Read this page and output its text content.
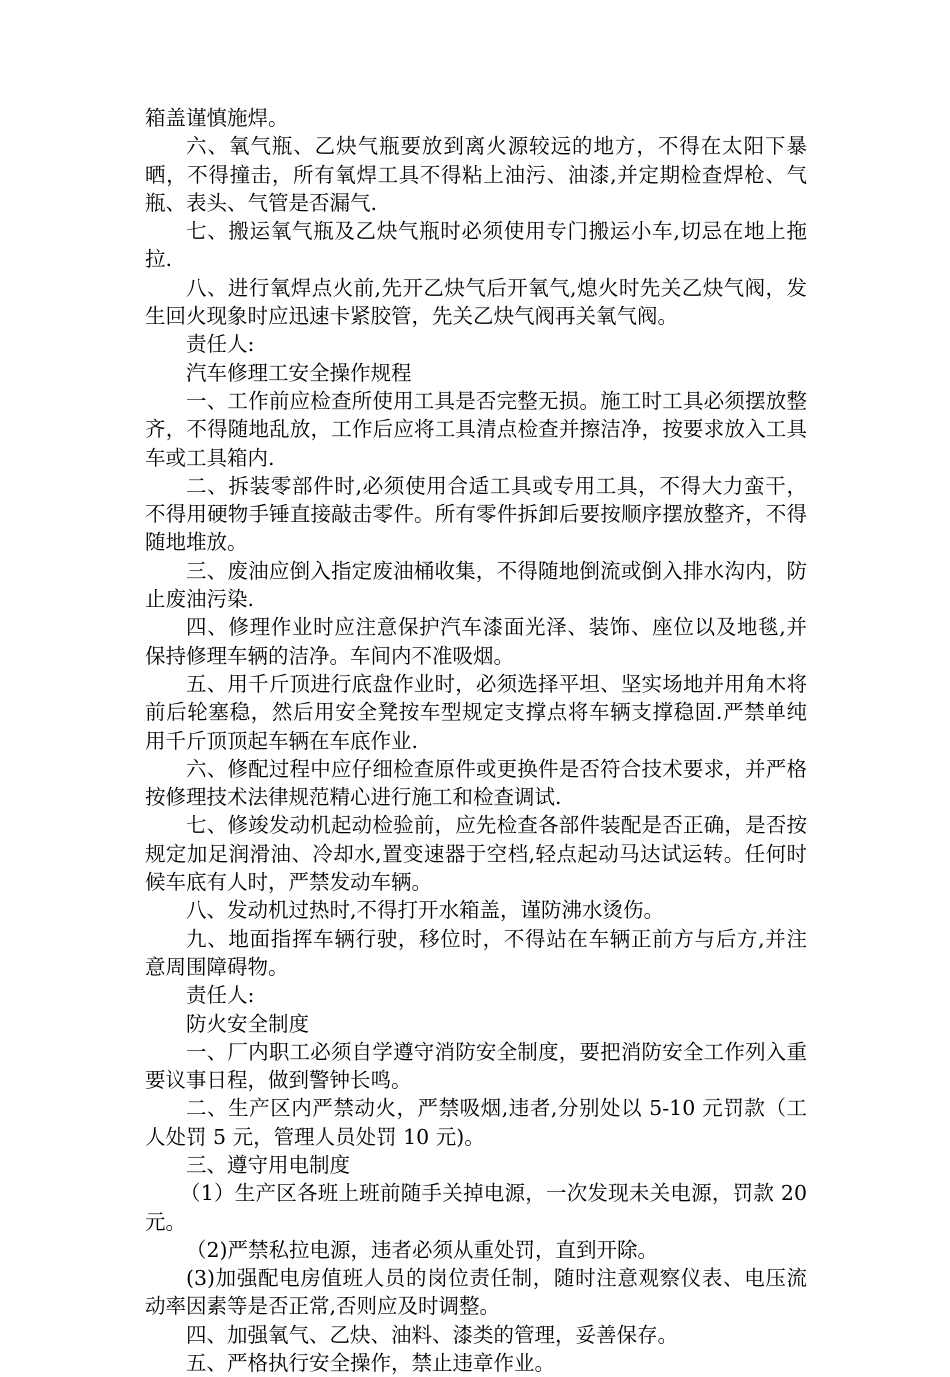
箱盖谨慎施焊。

六、氧气瓶、乙炔气瓶要放到离火源较远的地方，不得在太阳下暴晒，不得撞击，所有氧焊工具不得粘上油污、油漆,并定期检查焊枪、气瓶、表头、气管是否漏气.

七、搬运氧气瓶及乙炔气瓶时必须使用专门搬运小车,切忌在地上拖拉.

八、进行氧焊点火前,先开乙炔气后开氧气,熄火时先关乙炔气阀，发生回火现象时应迅速卡紧胶管，先关乙炔气阀再关氧气阀。

责任人:

汽车修理工安全操作规程

一、工作前应检查所使用工具是否完整无损。施工时工具必须摆放整齐，不得随地乱放，工作后应将工具清点检查并擦洁净，按要求放入工具车或工具箱内.

二、拆装零部件时,必须使用合适工具或专用工具，不得大力蛮干，不得用硬物手锤直接敲击零件。所有零件拆卸后要按顺序摆放整齐，不得随地堆放。

三、废油应倒入指定废油桶收集，不得随地倒流或倒入排水沟内，防止废油污染.

四、修理作业时应注意保护汽车漆面光泽、装饰、座位以及地毯,并保持修理车辆的洁净。车间内不准吸烟。

五、用千斤顶进行底盘作业时，必须选择平坦、坚实场地并用角木将前后轮塞稳，然后用安全凳按车型规定支撑点将车辆支撑稳固.严禁单纯用千斤顶顶起车辆在车底作业.

六、修配过程中应仔细检查原件或更换件是否符合技术要求，并严格按修理技术法律规范精心进行施工和检查调试.

七、修竣发动机起动检验前，应先检查各部件装配是否正确，是否按规定加足润滑油、冷却水,置变速器于空档,轻点起动马达试运转。任何时候车底有人时，严禁发动车辆。

八、发动机过热时,不得打开水箱盖，谨防沸水烫伤。

九、地面指挥车辆行驶，移位时，不得站在车辆正前方与后方,并注意周围障碍物。

责任人:

防火安全制度

一、厂内职工必须自学遵守消防安全制度，要把消防安全工作列入重要议事日程，做到警钟长鸣。

二、生产区内严禁动火，严禁吸烟,违者,分别处以 5-10 元罚款（工人处罚 5 元，管理人员处罚 10 元)。

三、遵守用电制度

（1）生产区各班上班前随手关掉电源，一次发现未关电源，罚款 20 元。

（2)严禁私拉电源，违者必须从重处罚，直到开除。

(3)加强配电房值班人员的岗位责任制，随时注意观察仪表、电压流动率因素等是否正常,否则应及时调整。

四、加强氧气、乙炔、油料、漆类的管理，妥善保存。

五、严格执行安全操作，禁止违章作业。
